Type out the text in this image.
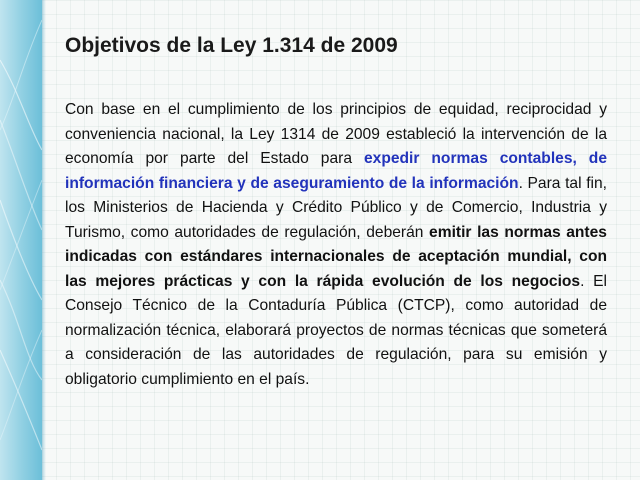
Objetivos de la Ley 1.314 de 2009

Con base en el cumplimiento de los principios de equidad, reciprocidad y conveniencia nacional, la Ley 1314 de 2009 estableció la intervención de la economía por parte del Estado para expedir normas contables, de información financiera y de aseguramiento de la información. Para tal fin, los Ministerios de Hacienda y Crédito Público y de Comercio, Industria y Turismo, como autoridades de regulación, deberán emitir las normas antes indicadas con estándares internacionales de aceptación mundial, con las mejores prácticas y con la rápida evolución de los negocios. El Consejo Técnico de la Contaduría Pública (CTCP), como autoridad de normalización técnica, elaborará proyectos de normas técnicas que someterá a consideración de las autoridades de regulación, para su emisión y obligatorio cumplimiento en el país.
